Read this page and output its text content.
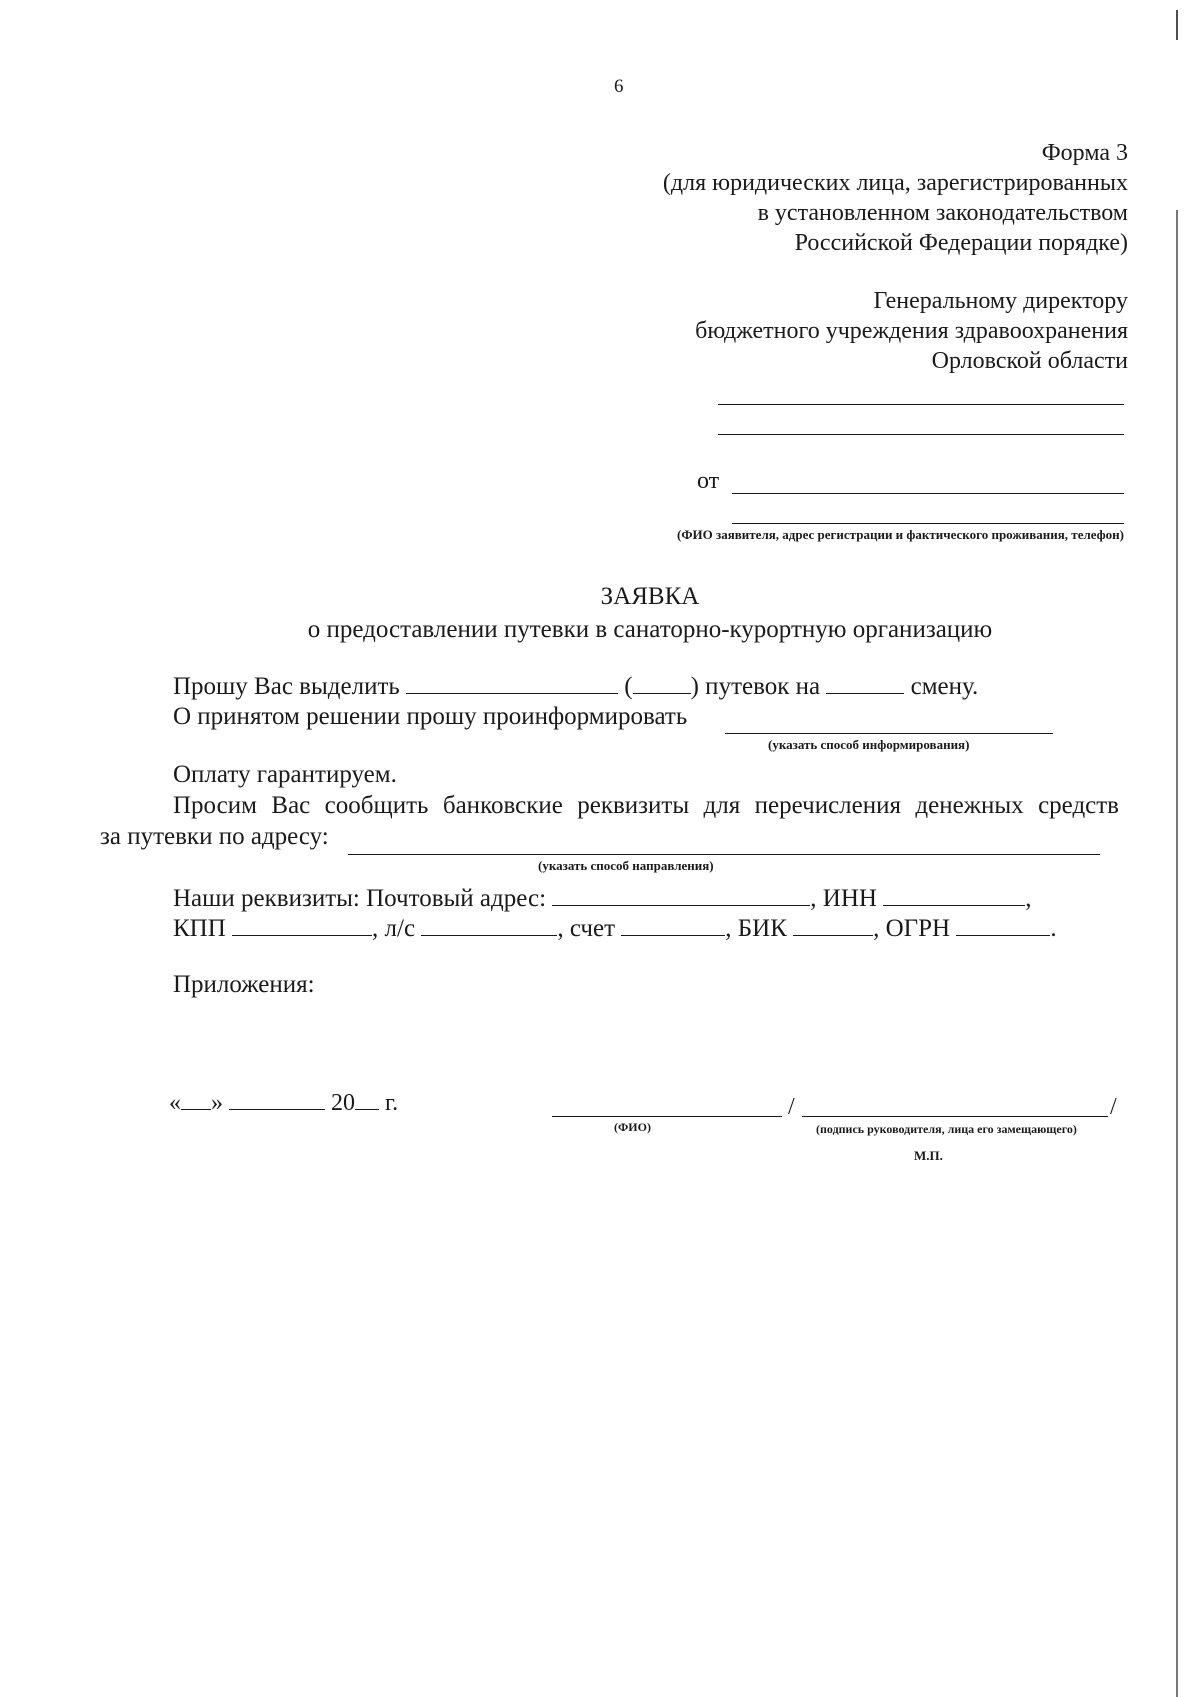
6
Форма 3
(для юридических лица, зарегистрированных
в установленном законодательством
Российской Федерации порядке)
Генеральному директору
бюджетного учреждения здравоохранения
Орловской области
от
(ФИО заявителя, адрес регистрации и фактического проживания, телефон)
ЗАЯВКА
о предоставлении путевки в санаторно-курортную организацию
Прошу Вас выделить	( ) путевок на	смену.
О принятом решении прошу проинформировать
(указать способ информирования)
Оплату гарантируем.
Просим Вас сообщить банковские реквизиты для перечисления денежных средств
за путевки по адресу:
(указать способ направления)
Наши реквизиты: Почтовый адрес:	, ИНН	,
КПП	, л/с	, счет	, БИК	, ОГРН	.
Приложения:
« »	20 г.	/	/
(ФИО)	(подпись руководителя, лица его замещающего)
М.П.
